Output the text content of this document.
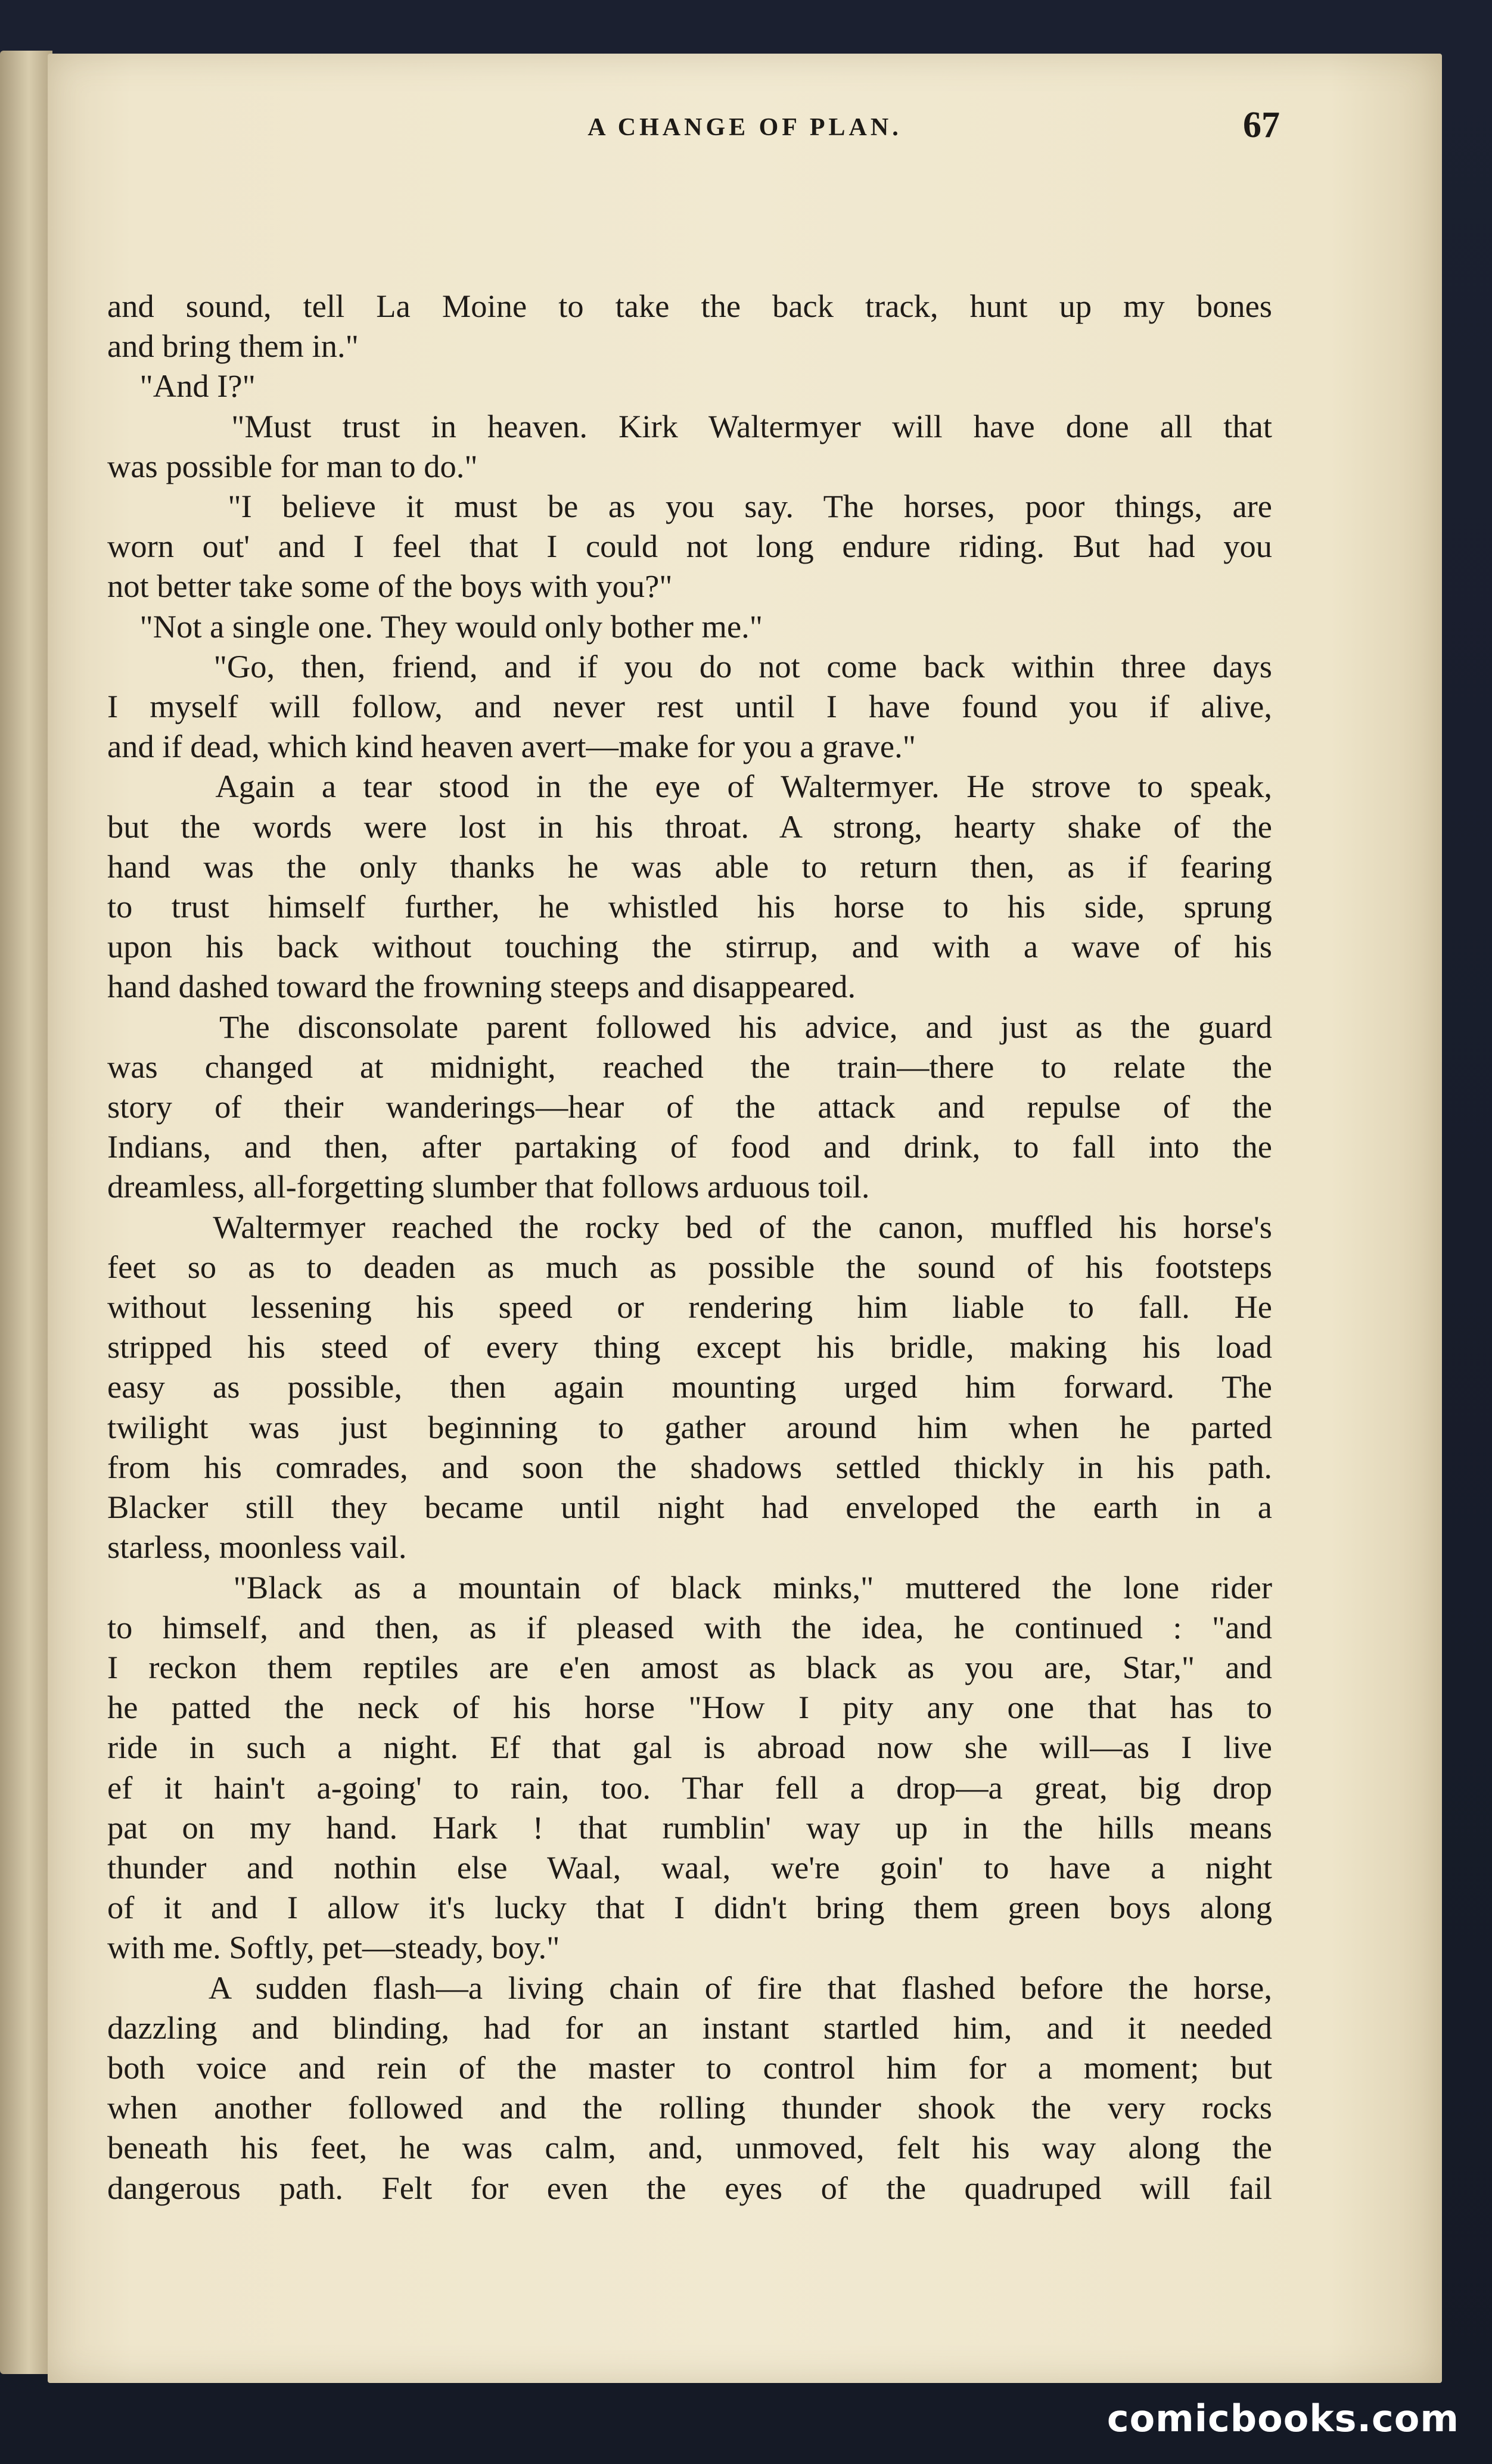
A CHANGE OF PLAN.	67
and sound, tell La Moine to take the back track, hunt up my bones
and bring them in."
"And I?"
"Must trust in heaven. Kirk Waltermyer will have done all that
was possible for man to do."
"I believe it must be as you say. The horses, poor things, are
worn out' and I feel that I could not long endure riding. But had you
not better take some of the boys with you?"
"Not a single one. They would only bother me."
"Go, then, friend, and if you do not come back within three days
I myself will follow, and never rest until I have found you if alive,
and if dead, which kind heaven avert—make for you a grave."
Again a tear stood in the eye of Waltermyer. He strove to speak,
but the words were lost in his throat. A strong, hearty shake of the
hand was the only thanks he was able to return then, as if fearing
to trust himself further, he whistled his horse to his side, sprung
upon his back without touching the stirrup, and with a wave of his
hand dashed toward the frowning steeps and disappeared.
The disconsolate parent followed his advice, and just as the guard
was changed at midnight, reached the train—there to relate the
story of their wanderings—hear of the attack and repulse of the
Indians, and then, after partaking of food and drink, to fall into the
dreamless, all-forgetting slumber that follows arduous toil.
Waltermyer reached the rocky bed of the canon, muffled his horse's
feet so as to deaden as much as possible the sound of his footsteps
without lessening his speed or rendering him liable to fall. He
stripped his steed of every thing except his bridle, making his load
easy as possible, then again mounting urged him forward. The
twilight was just beginning to gather around him when he parted
from his comrades, and soon the shadows settled thickly in his path.
Blacker still they became until night had enveloped the earth in a
starless, moonless vail.
"Black as a mountain of black minks," muttered the lone rider
to himself, and then, as if pleased with the idea, he continued : "and
I reckon them reptiles are e'en amost as black as you are, Star," and
he patted the neck of his horse "How I pity any one that has to
ride in such a night. Ef that gal is abroad now she will—as I live
ef it hain't a-going' to rain, too. Thar fell a drop—a great, big drop
pat on my hand. Hark ! that rumblin' way up in the hills means
thunder and nothin else Waal, waal, we're goin' to have a night
of it and I allow it's lucky that I didn't bring them green boys along
with me. Softly, pet—steady, boy."
A sudden flash—a living chain of fire that flashed before the horse,
dazzling and blinding, had for an instant startled him, and it needed
both voice and rein of the master to control him for a moment; but
when another followed and the rolling thunder shook the very rocks
beneath his feet, he was calm, and, unmoved, felt his way along the
dangerous path. Felt for even the eyes of the quadruped will fail
comicbooks.com
